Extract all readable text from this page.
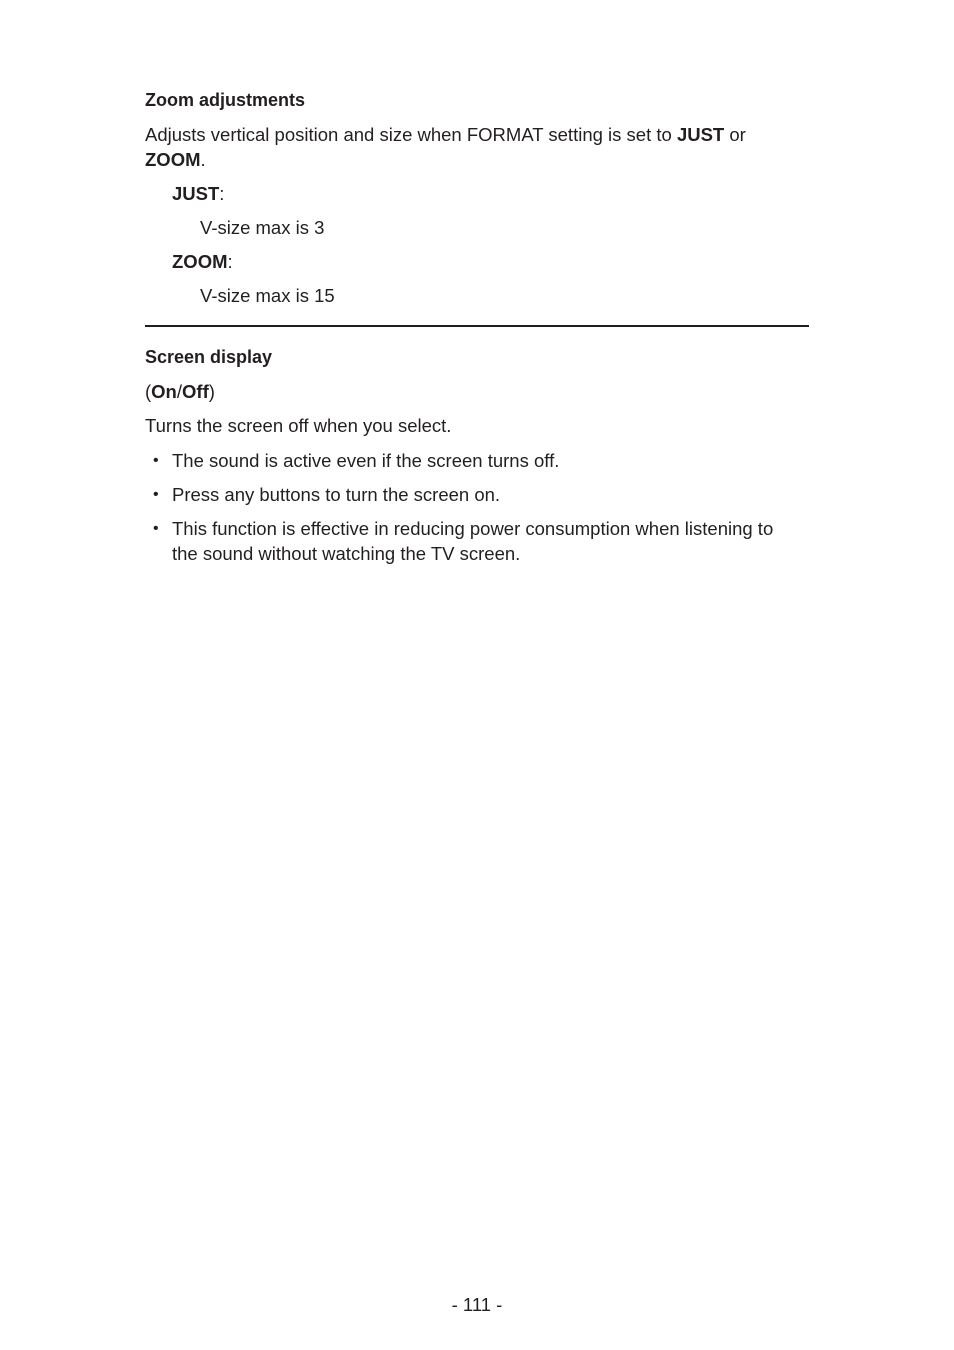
Zoom adjustments
Adjusts vertical position and size when FORMAT setting is set to JUST or
ZOOM.
JUST:
V-size max is 3
ZOOM:
V-size max is 15
Screen display
(On/Off)
Turns the screen off when you select.
• The sound is active even if the screen turns off.
• Press any buttons to turn the screen on.
• This function is effective in reducing power consumption when listening to
the sound without watching the TV screen.
- 111 -
